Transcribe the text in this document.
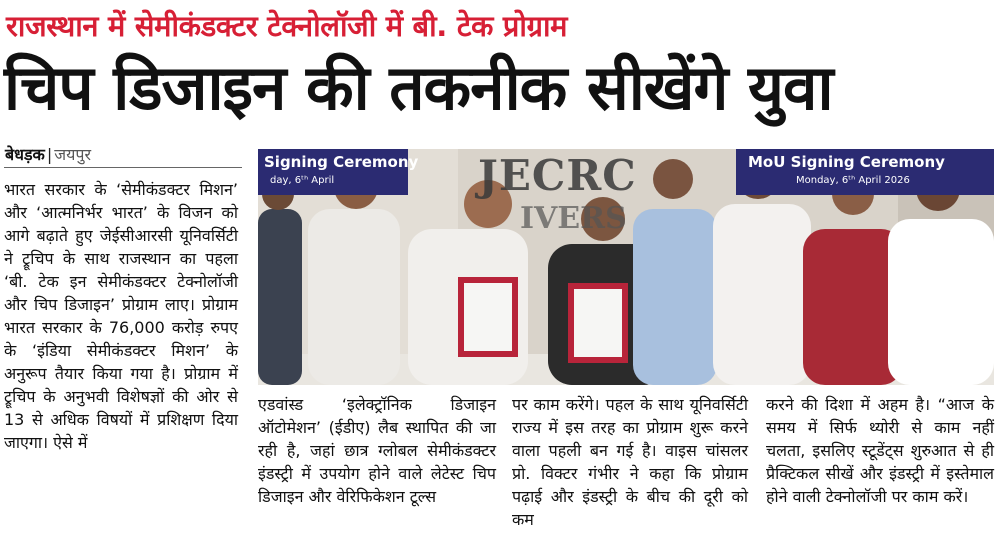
राजस्थान में सेमीकंडक्टर टेक्नोलॉजी में बी. टेक प्रोग्राम
चिप डिजाइन की तकनीक सीखेंगे युवा
बेधड़क | जयपुर

भारत सरकार के ‘सेमीकंडक्टर मिशन’ और ‘आत्मनिर्भर भारत’ के विजन को आगे बढ़ाते हुए जेईसीआरसी यूनिवर्सिटी ने ट्रूचिप के साथ राजस्थान का पहला ‘बी. टेक इन सेमीकंडक्टर टेक्नोलॉजी और चिप डिजाइन’ प्रोग्राम लाए। प्रोग्राम भारत सरकार के 76,000 करोड़ रुपए के ‘इंडिया सेमीकंडक्टर मिशन’ के अनुरूप तैयार किया गया है। प्रोग्राम में ट्रूचिप के अनुभवी विशेषज्ञों की ओर से 13 से अधिक विषयों में प्रशिक्षण दिया जाएगा। ऐसे में

JECRC
IVERS
Signing Ceremony
day, 6ᵗʰ April
MoU Signing Ceremony
Monday, 6ᵗʰ April 2026

एडवांस्ड ‘इलेक्ट्रॉनिक डिजाइन ऑटोमेशन’ (ईडीए) लैब स्थापित की जा रही है, जहां छात्र ग्लोबल सेमीकंडक्टर इंडस्ट्री में उपयोग होने वाले लेटेस्ट चिप डिजाइन और वेरिफिकेशन टूल्स

पर काम करेंगे। पहल के साथ यूनिवर्सिटी राज्य में इस तरह का प्रोग्राम शुरू करने वाला पहली बन गई है। वाइस चांसलर प्रो. विक्टर गंभीर ने कहा कि प्रोग्राम पढ़ाई और इंडस्ट्री के बीच की दूरी को कम

करने की दिशा में अहम है। “आज के समय में सिर्फ थ्योरी से काम नहीं चलता, इसलिए स्टूडेंट्स शुरुआत से ही प्रैक्टिकल सीखें और इंडस्ट्री में इस्तेमाल होने वाली टेक्नोलॉजी पर काम करें।
